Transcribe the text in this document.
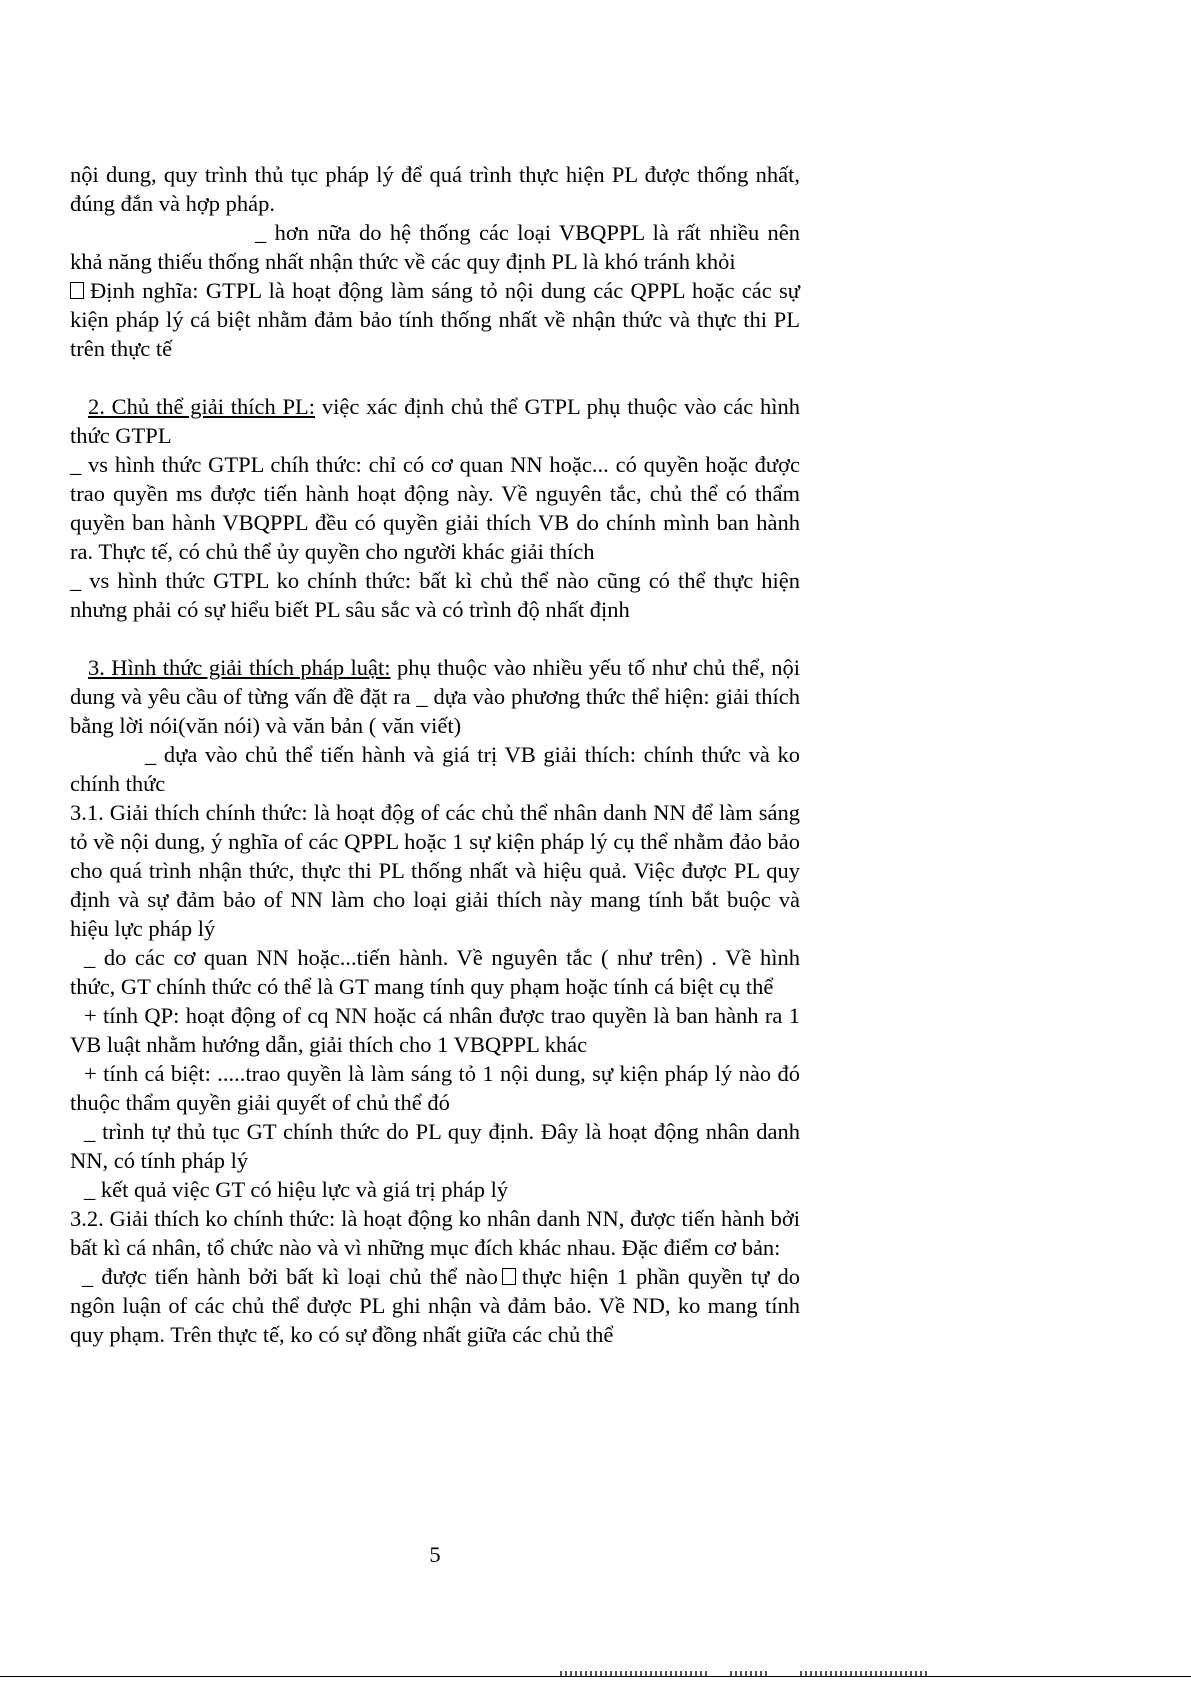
nội dung, quy trình thủ tục pháp lý để quá trình thực hiện PL được thống nhất, đúng đắn và hợp pháp.

_ hơn nữa do hệ thống các loại VBQPPL là rất nhiều nên khả năng thiếu thống nhất nhận thức về các quy định PL là khó tránh khỏi

Định nghĩa: GTPL là hoạt động làm sáng tỏ nội dung các QPPL hoặc các sự kiện pháp lý cá biệt nhằm đảm bảo tính thống nhất về nhận thức và thực thi PL trên thực tế

2. Chủ thể giải thích PL: việc xác định chủ thể GTPL phụ thuộc vào các hình thức GTPL

_ vs hình thức GTPL chíh thức: chỉ có cơ quan NN hoặc... có quyền hoặc được trao quyền ms được tiến hành hoạt động này. Về nguyên tắc, chủ thể có thẩm quyền ban hành VBQPPL đều có quyền giải thích VB do chính mình ban hành ra. Thực tế, có chủ thể ủy quyền cho người khác giải thích

_ vs hình thức GTPL ko chính thức: bất kì chủ thể nào cũng có thể thực hiện nhưng phải có sự hiểu biết PL sâu sắc và có trình độ nhất định

3. Hình thức giải thích pháp luật: phụ thuộc vào nhiều yếu tố như chủ thể, nội dung và yêu cầu of từng vấn đề đặt ra _ dựa vào phương thức thể hiện: giải thích bằng lời nói(văn nói) và văn bản ( văn viết)

_ dựa vào chủ thể tiến hành và giá trị VB giải thích: chính thức và ko chính thức

3.1. Giải thích chính thức: là hoạt độg of các chủ thể nhân danh NN để làm sáng tỏ về nội dung, ý nghĩa of các QPPL hoặc 1 sự kiện pháp lý cụ thể nhằm đảo bảo cho quá trình nhận thức, thực thi PL thống nhất và hiệu quả. Việc được PL quy định và sự đảm bảo of NN làm cho loại giải thích này mang tính bắt buộc và hiệu lực pháp lý

_ do các cơ quan NN hoặc...tiến hành. Về nguyên tắc ( như trên) . Về hình thức, GT chính thức có thể là GT mang tính quy phạm hoặc tính cá biệt cụ thể

+ tính QP: hoạt động of cq NN hoặc cá nhân được trao quyền là ban hành ra 1 VB luật nhằm hướng dẫn, giải thích cho 1 VBQPPL khác

+ tính cá biệt: .....trao quyền là làm sáng tỏ 1 nội dung, sự kiện pháp lý nào đó thuộc thẩm quyền giải quyết of chủ thể đó

_ trình tự thủ tục GT chính thức do PL quy định. Đây là hoạt động nhân danh NN, có tính pháp lý

_ kết quả việc GT có hiệu lực và giá trị pháp lý

3.2. Giải thích ko chính thức: là hoạt động ko nhân danh NN, được tiến hành bởi bất kì cá nhân, tổ chức nào và vì những mục đích khác nhau. Đặc điểm cơ bản:

_ được tiến hành bởi bất kì loại chủ thể nào thực hiện 1 phần quyền tự do ngôn luận of các chủ thể được PL ghi nhận và đảm bảo. Về ND, ko mang tính quy phạm. Trên thực tế, ko có sự đồng nhất giữa các chủ thể

5
